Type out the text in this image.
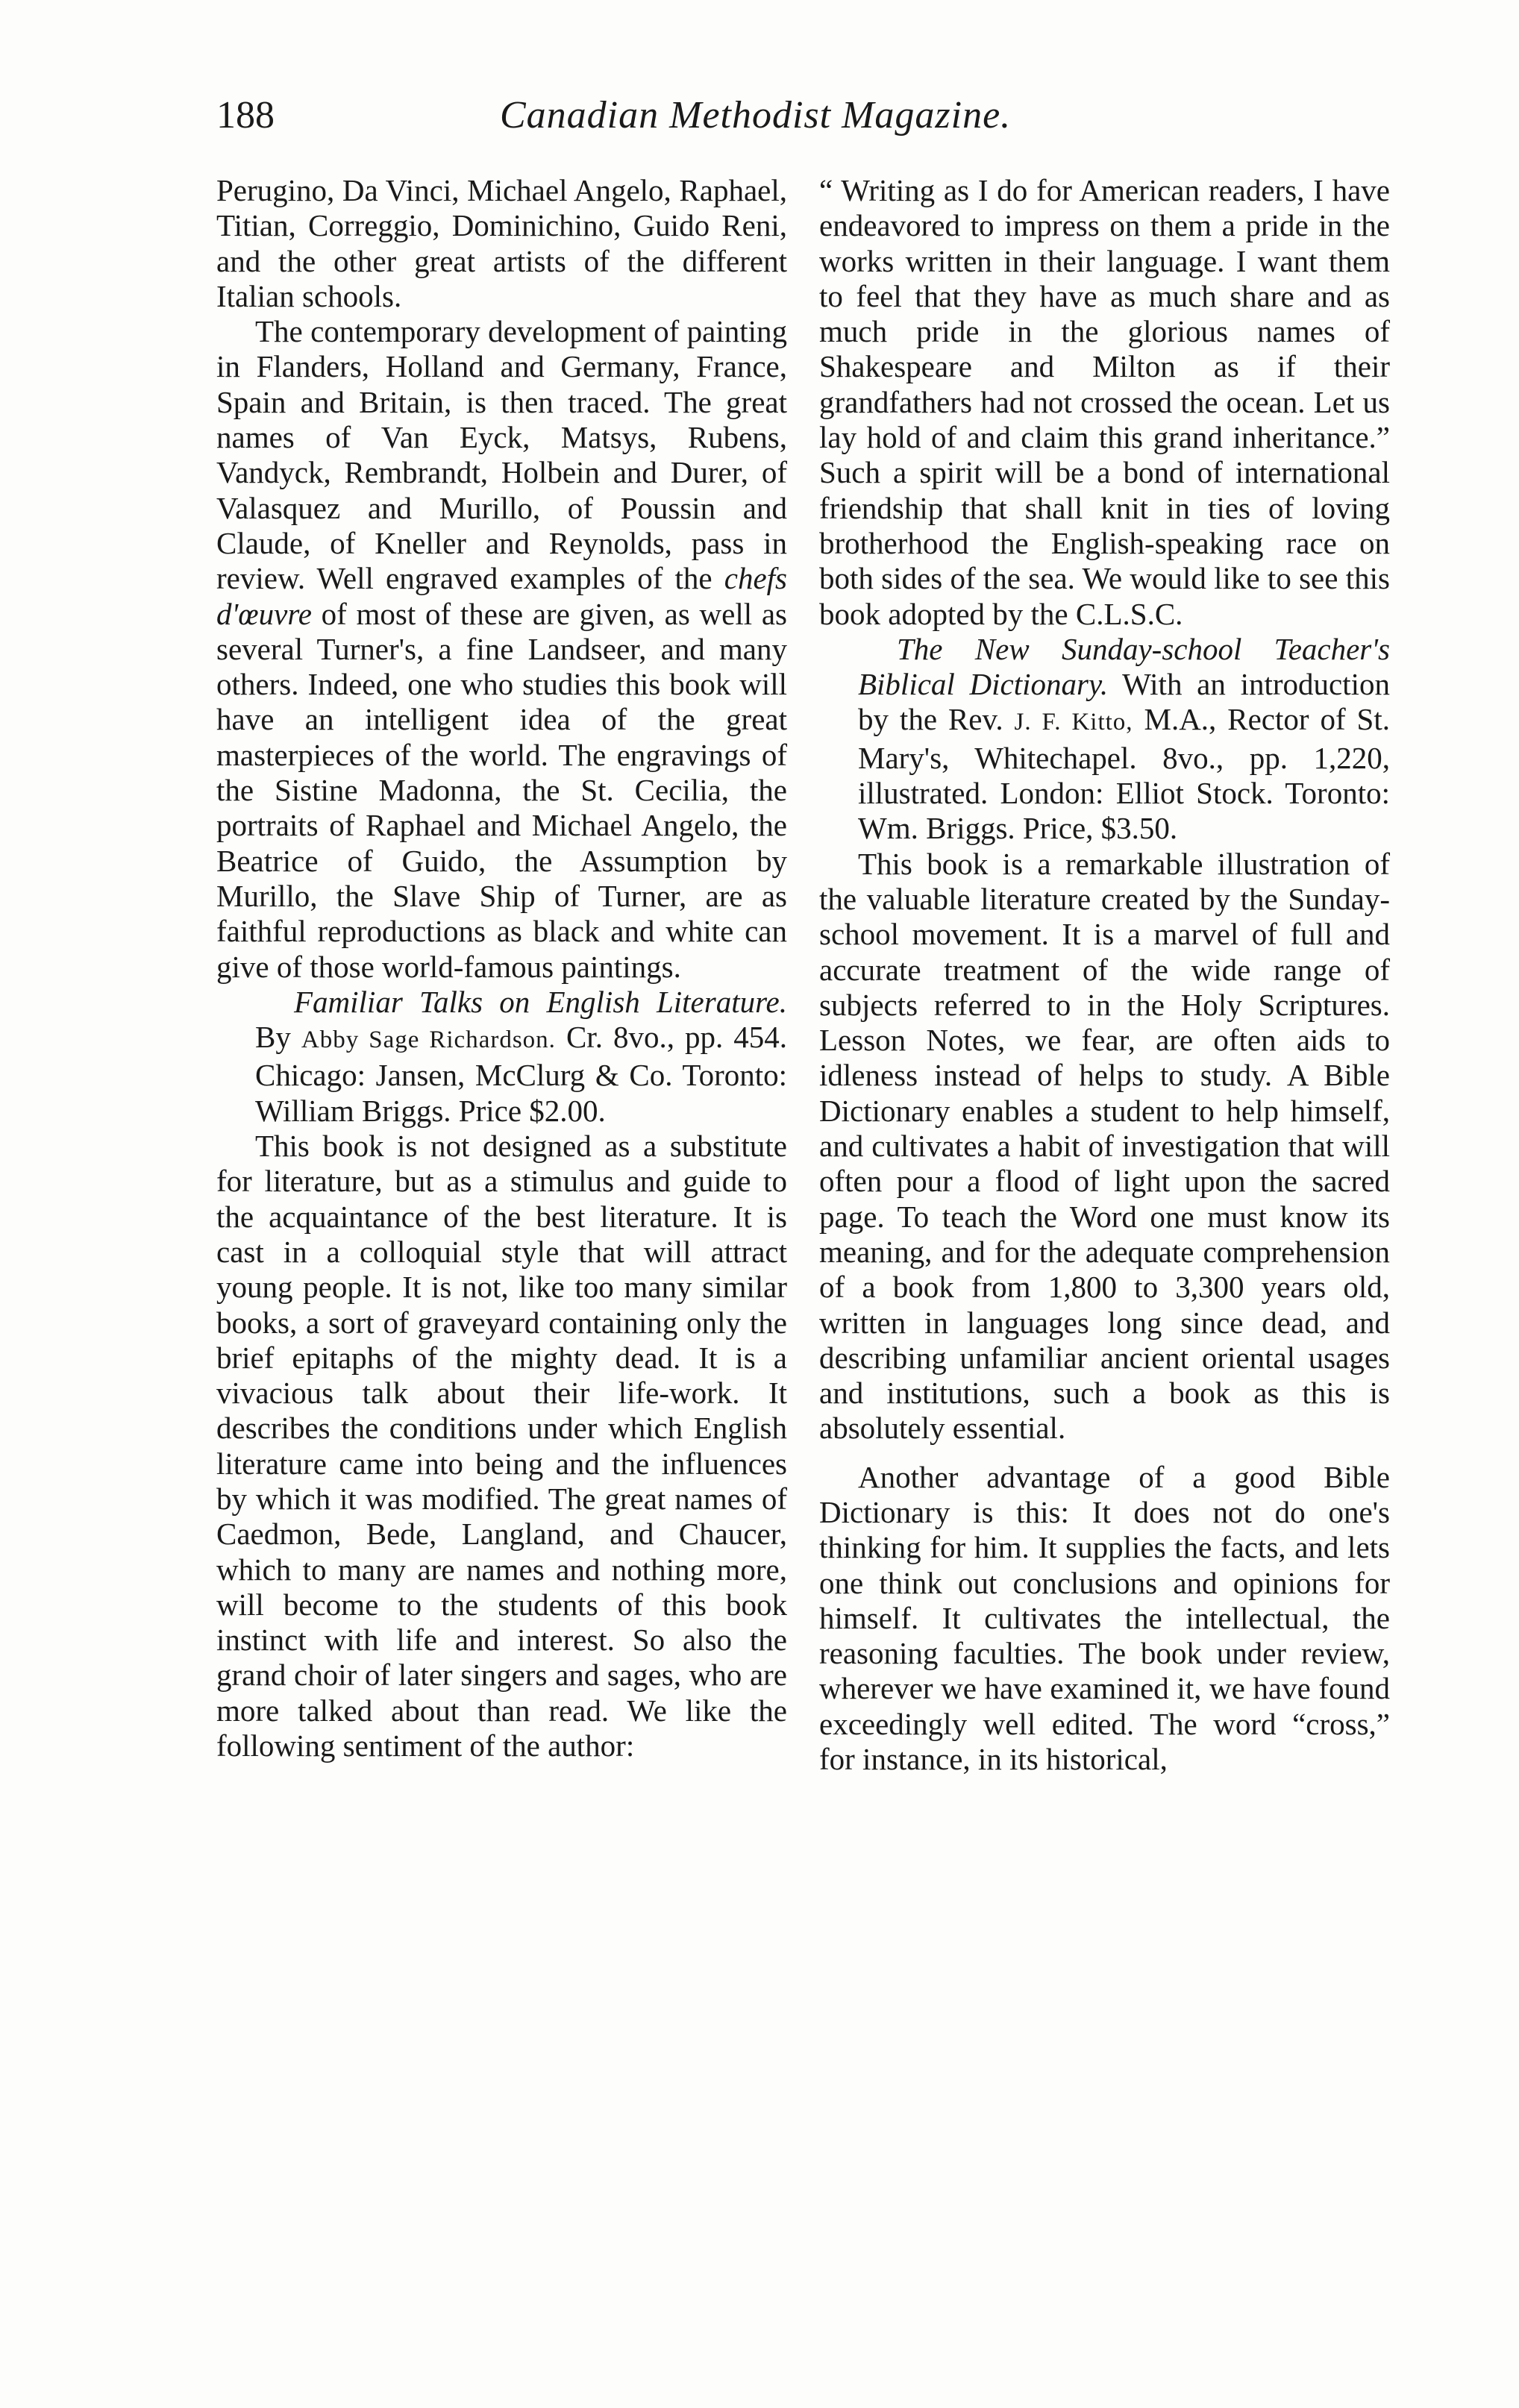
188	Canadian Methodist Magazine.

Perugino, Da Vinci, Michael Angelo, Raphael, Titian, Correggio, Dominichino, Guido Reni, and the other great artists of the different Italian schools.

The contemporary development of painting in Flanders, Holland and Germany, France, Spain and Britain, is then traced. The great names of Van Eyck, Matsys, Rubens, Vandyck, Rembrandt, Holbein and Durer, of Valasquez and Murillo, of Poussin and Claude, of Kneller and Reynolds, pass in review. Well engraved examples of the chefs d'œuvre of most of these are given, as well as several Turner's, a fine Landseer, and many others. Indeed, one who studies this book will have an intelligent idea of the great masterpieces of the world. The engravings of the Sistine Madonna, the St. Cecilia, the portraits of Raphael and Michael Angelo, the Beatrice of Guido, the Assumption by Murillo, the Slave Ship of Turner, are as faithful reproductions as black and white can give of those world-famous paintings.

Familiar Talks on English Literature. By Abby Sage Richardson. Cr. 8vo., pp. 454. Chicago: Jansen, McClurg & Co. Toronto: William Briggs. Price $2.00.

This book is not designed as a substitute for literature, but as a stimulus and guide to the acquaintance of the best literature. It is cast in a colloquial style that will attract young people. It is not, like too many similar books, a sort of graveyard containing only the brief epitaphs of the mighty dead. It is a vivacious talk about their life-work. It describes the conditions under which English literature came into being and the influences by which it was modified. The great names of Caedmon, Bede, Langland, and Chaucer, which to many are names and nothing more, will become to the students of this book instinct with life and interest. So also the grand choir of later singers and sages, who are more talked about than read. We like the following sentiment of the author:

“ Writing as I do for American readers, I have endeavored to impress on them a pride in the works written in their language. I want them to feel that they have as much share and as much pride in the glorious names of Shakespeare and Milton as if their grandfathers had not crossed the ocean. Let us lay hold of and claim this grand inheritance.” Such a spirit will be a bond of international friendship that shall knit in ties of loving brotherhood the English-speaking race on both sides of the sea. We would like to see this book adopted by the C.L.S.C.

The New Sunday-school Teacher's Biblical Dictionary. With an introduction by the Rev. J. F. Kitto, M.A., Rector of St. Mary's, Whitechapel. 8vo., pp. 1,220, illustrated. London: Elliot Stock. Toronto: Wm. Briggs. Price, $3.50.

This book is a remarkable illustration of the valuable literature created by the Sunday-school movement. It is a marvel of full and accurate treatment of the wide range of subjects referred to in the Holy Scriptures. Lesson Notes, we fear, are often aids to idleness instead of helps to study. A Bible Dictionary enables a student to help himself, and cultivates a habit of investigation that will often pour a flood of light upon the sacred page. To teach the Word one must know its meaning, and for the adequate comprehension of a book from 1,800 to 3,300 years old, written in languages long since dead, and describing unfamiliar ancient oriental usages and institutions, such a book as this is absolutely essential.

Another advantage of a good Bible Dictionary is this: It does not do one's thinking for him. It supplies the facts, and lets one think out conclusions and opinions for himself. It cultivates the intellectual, the reasoning faculties. The book under review, wherever we have examined it, we have found exceedingly well edited. The word “cross,” for instance, in its historical,
